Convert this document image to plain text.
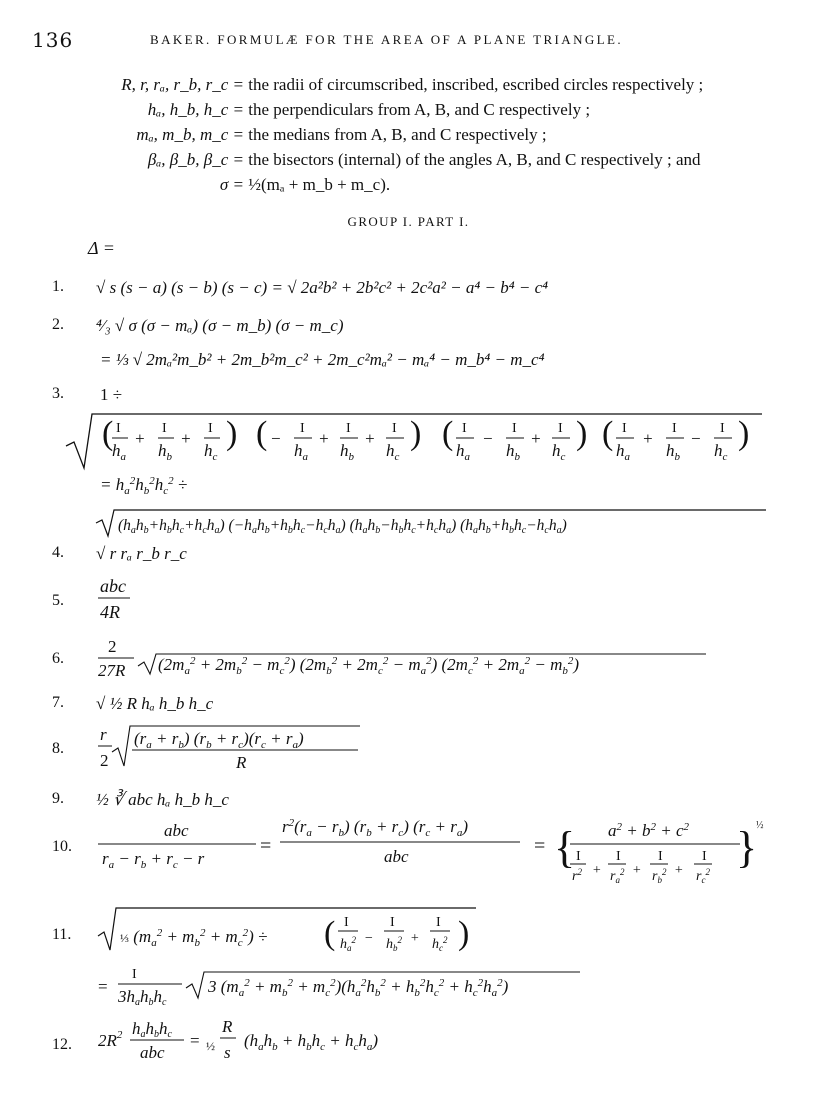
136	BAKER. FORMULÆ FOR THE AREA OF A PLANE TRIANGLE.
R, r, rₐ, r_b, r_c = the radii of circumscribed, inscribed, escribed circles respectively ;
hₐ, h_b, h_c = the perpendiculars from A, B, and C respectively ;
mₐ, m_b, m_c = the medians from A, B, and C respectively ;
βₐ, β_b, β_c = the bisectors (internal) of the angles A, B, and C respectively ; and
σ = ½(mₐ + m_b + m_c).
GROUP I. PART I.
Δ =
1. √ s (s − a) (s − b) (s − c) = √ 2a²b² + 2b²c² + 2c²a² − a⁴ − b⁴ − c⁴
2. ⁴⁄₃ √ σ (σ − mₐ) (σ − m_b) (σ − m_c)
= ⅓ √ 2mₐ²m_b² + 2m_b²m_c² + 2m_c²mₐ² − mₐ⁴ − m_b⁴ − m_c⁴
3. 1 ÷
( I
$h_a$
+
I
$h_b$
+
I
$h_c$
) ( −
I
$h_a$
+
I
$h_b$
+
I
$h_c$
) ( I
$h_a$
−
I
$h_b$
+
I
$h_c$
) ( I
$h_a$
+
I
$h_b$
−
I
$h_c$
)
= $h_a^2h_b^2h_c^2$ ÷
(hahb+hbhc+hcha) (−hahb+hbhc−hcha) (hahb−hbhc+hcha) (hahb+hbhc−hcha)
4. √ r rₐ r_b r_c
5.
abc
4R
6.
2
27R $(2m_a^2 + 2m_b^2 - m_c^2) (2m_b^2 + 2m_c^2 - m_a^2) (2m_c^2 + 2m_a^2 - m_b^2)$
7. √ ½ R hₐ h_b h_c
8.
r
2
$(r_a + r_b) (r_b + r_c)(r_c + r_a)$
R
9. ½ ∛ abc hₐ h_b h_c
10.
abc
$r_a - r_b + r_c - r$
=
$r^2(r_a - r_b) (r_b + r_c) (r_c + r_a)$
abc	= { $a^2 + b^2 + c^2$
I
$r^2$ +
I
$r_a^2$ +
I
$r_b^2$ +
I
$r_c^2$ }
½
11.	⅓ $(m_a^2 + m_b^2 + m_c^2)$ ÷ ( I
$h_a^2$ −
I
$h_b^2$ +
I
$h_c^2$ )
=
I
3hahbhc
3 $(m_a^2 + m_b^2 + m_c^2)(h_a^2h_b^2 + h_b^2h_c^2 + h_c^2h_a^2)$
12. $2R^2$ hahbhc
abc
= ½
R
s
$(h_ah_b + h_bh_c + h_ch_a)$
